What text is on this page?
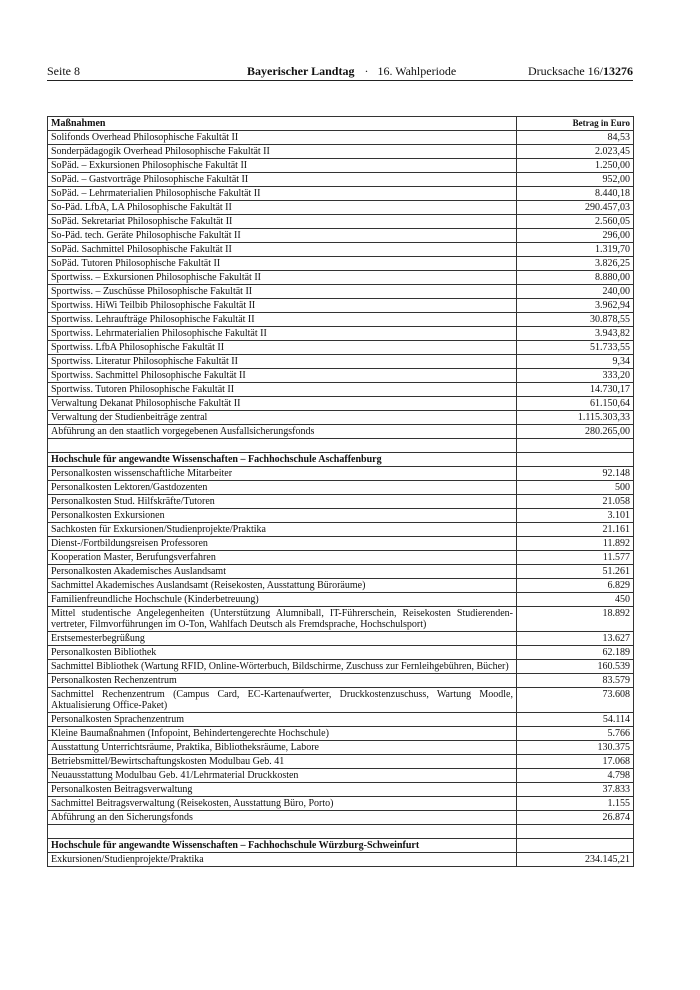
Seite 8	Bayerischer Landtag · 16. Wahlperiode	Drucksache 16/13276
Maßnahmen	Betrag in Euro
Solifonds Overhead Philosophische Fakultät II	84,53
Sonderpädagogik Overhead Philosophische Fakultät II	2.023,45
SoPäd. – Exkursionen Philosophische Fakultät II	1.250,00
SoPäd. – Gastvorträge Philosophische Fakultät II	952,00
SoPäd. – Lehrmaterialien Philosophische Fakultät II	8.440,18
So-Päd. LfbA, LA Philosophische Fakultät II	290.457,03
SoPäd. Sekretariat Philosophische Fakultät II	2.560,05
So-Päd. tech. Geräte Philosophische Fakultät II	296,00
SoPäd. Sachmittel Philosophische Fakultät II	1.319,70
SoPäd. Tutoren Philosophische Fakultät II	3.826,25
Sportwiss. – Exkursionen Philosophische Fakultät II	8.880,00
Sportwiss. – Zuschüsse Philosophische Fakultät II	240,00
Sportwiss. HiWi Teilbib Philosophische Fakultät II	3.962,94
Sportwiss. Lehraufträge Philosophische Fakultät II	30.878,55
Sportwiss. Lehrmaterialien Philosophische Fakultät II	3.943,82
Sportwiss. LfbA Philosophische Fakultät II	51.733,55
Sportwiss. Literatur Philosophische Fakultät II	9,34
Sportwiss. Sachmittel Philosophische Fakultät II	333,20
Sportwiss. Tutoren Philosophische Fakultät II	14.730,17
Verwaltung Dekanat Philosophische Fakultät II	61.150,64
Verwaltung der Studienbeiträge zentral	1.115.303,33
Abführung an den staatlich vorgegebenen Ausfallsicherungsfonds	280.265,00

Hochschule für angewandte Wissenschaften – Fachhochschule Aschaffenburg	
Personalkosten wissenschaftliche Mitarbeiter	92.148
Personalkosten Lektoren/Gastdozenten	500
Personalkosten Stud. Hilfskräfte/Tutoren	21.058
Personalkosten Exkursionen	3.101
Sachkosten für Exkursionen/Studienprojekte/Praktika	21.161
Dienst-/Fortbildungsreisen Professoren	11.892
Kooperation Master, Berufungsverfahren	11.577
Personalkosten Akademisches Auslandsamt	51.261
Sachmittel Akademisches Auslandsamt (Reisekosten, Ausstattung Büroräume)	6.829
Familienfreundliche Hochschule (Kinderbetreuung)	450
Mittel studentische Angelegenheiten (Unterstützung Alumniball, IT-Führerschein, Reisekosten Studierenden-vertreter, Filmvorführungen im O-Ton, Wahlfach Deutsch als Fremdsprache, Hochschulsport)	18.892
Erstsemesterbegrüßung	13.627
Personalkosten Bibliothek	62.189
Sachmittel Bibliothek (Wartung RFID, Online-Wörterbuch, Bildschirme, Zuschuss zur Fernleihgebühren, Bücher)	160.539
Personalkosten Rechenzentrum	83.579
Sachmittel Rechenzentrum (Campus Card, EC-Kartenaufwerter, Druckkostenzuschuss, Wartung Moodle, Aktualisierung Office-Paket)	73.608
Personalkosten Sprachenzentrum	54.114
Kleine Baumaßnahmen (Infopoint, Behindertengerechte Hochschule)	5.766
Ausstattung Unterrichtsräume, Praktika, Bibliotheksräume, Labore	130.375
Betriebsmittel/Bewirtschaftungskosten Modulbau Geb. 41	17.068
Neuausstattung Modulbau Geb. 41/Lehrmaterial Druckkosten	4.798
Personalkosten Beitragsverwaltung	37.833
Sachmittel Beitragsverwaltung (Reisekosten, Ausstattung Büro, Porto)	1.155
Abführung an den Sicherungsfonds	26.874

Hochschule für angewandte Wissenschaften – Fachhochschule Würzburg-Schweinfurt	
Exkursionen/Studienprojekte/Praktika	234.145,21
